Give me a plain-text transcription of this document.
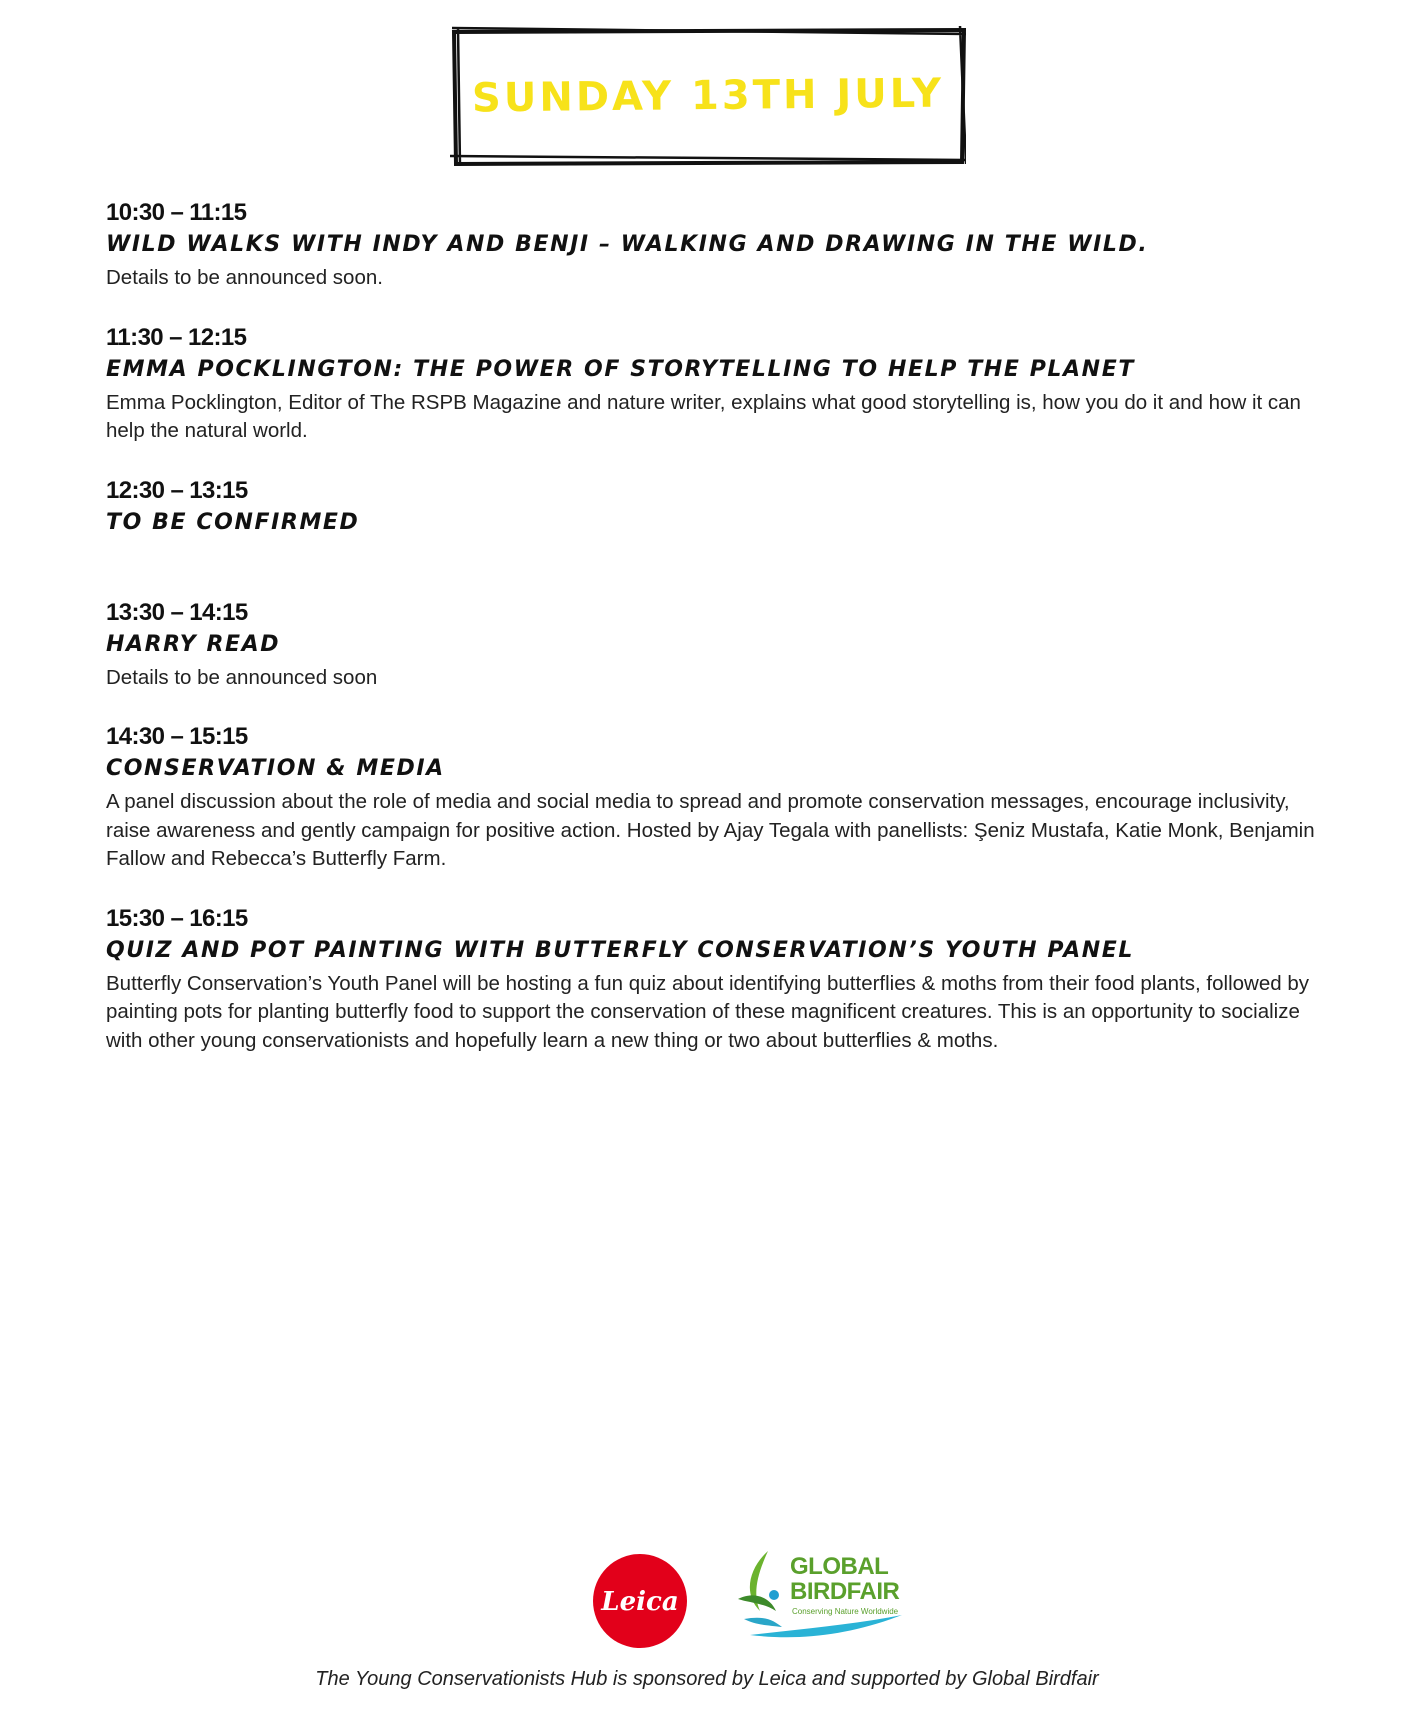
SUNDAY 13TH JULY
10:30 – 11:15
WILD WALKS WITH INDY AND BENJI – WALKING AND DRAWING IN THE WILD.
Details to be announced soon.
11:30 – 12:15
EMMA POCKLINGTON: THE POWER OF STORYTELLING TO HELP THE PLANET
Emma Pocklington, Editor of The RSPB Magazine and nature writer, explains what good storytelling is, how you do it and how it can help the natural world.
12:30 – 13:15
TO BE CONFIRMED
13:30 – 14:15
HARRY READ
Details to be announced soon
14:30 – 15:15
CONSERVATION & MEDIA
A panel discussion about the role of media and social media to spread and promote conservation messages, encourage inclusivity, raise awareness and gently campaign for positive action. Hosted by Ajay Tegala with panellists: Şeniz Mustafa, Katie Monk, Benjamin Fallow and Rebecca’s Butterfly Farm.
15:30 – 16:15
QUIZ AND POT PAINTING WITH BUTTERFLY CONSERVATION’S YOUTH PANEL
Butterfly Conservation’s Youth Panel will be hosting a fun quiz about identifying butterflies & moths from their food plants, followed by painting pots for planting butterfly food to support the conservation of these magnificent creatures. This is an opportunity to socialize with other young conservationists and hopefully learn a new thing or two about butterflies & moths.
Leica
GLOBAL
BIRDFAIR
Conserving Nature Worldwide
The Young Conservationists Hub is sponsored by Leica and supported by Global Birdfair
